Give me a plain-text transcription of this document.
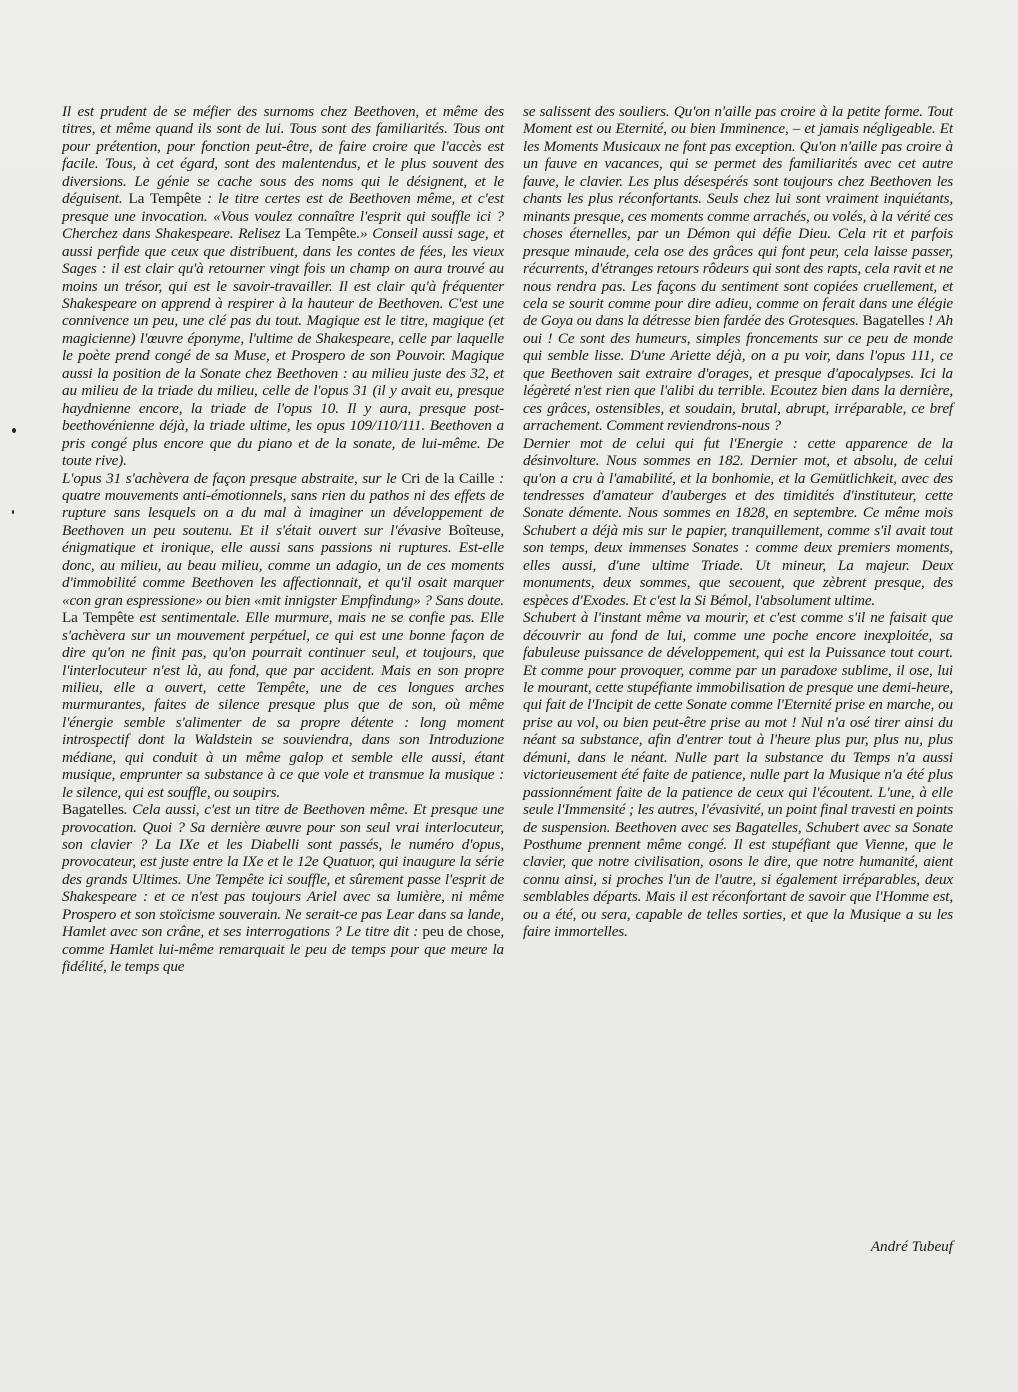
Il est prudent de se méfier des surnoms chez Beethoven, et même des titres, et même quand ils sont de lui. Tous sont des familiarités. Tous ont pour prétention, pour fonction peut-être, de faire croire que l'accès est facile. Tous, à cet égard, sont des malentendus, et le plus souvent des diversions. Le génie se cache sous des noms qui le désignent, et le déguisent. La Tempête : le titre certes est de Beethoven même, et c'est presque une invocation. «Vous voulez connaître l'esprit qui souffle ici ? Cherchez dans Shakespeare. Relisez La Tempête.» Conseil aussi sage, et aussi perfide que ceux que distribuent, dans les contes de fées, les vieux Sages : il est clair qu'à retourner vingt fois un champ on aura trouvé au moins un trésor, qui est le savoir-travailler. Il est clair qu'à fréquenter Shakespeare on apprend à respirer à la hauteur de Beethoven. C'est une connivence un peu, une clé pas du tout. Magique est le titre, magique (et magicienne) l'œuvre éponyme, l'ultime de Shakespeare, celle par laquelle le poète prend congé de sa Muse, et Prospero de son Pouvoir. Magique aussi la position de la Sonate chez Beethoven : au milieu juste des 32, et au milieu de la triade du milieu, celle de l'opus 31 (il y avait eu, presque haydnienne encore, la triade de l'opus 10. Il y aura, presque post-beethovénienne déjà, la triade ultime, les opus 109/110/111. Beethoven a pris congé plus encore que du piano et de la sonate, de lui-même. De toute rive).

L'opus 31 s'achèvera de façon presque abstraite, sur le Cri de la Caille : quatre mouvements anti-émotionnels, sans rien du pathos ni des effets de rupture sans lesquels on a du mal à imaginer un développement de Beethoven un peu soutenu. Et il s'était ouvert sur l'évasive Boîteuse, énigmatique et ironique, elle aussi sans passions ni ruptures. Est-elle donc, au milieu, au beau milieu, comme un adagio, un de ces moments d'immobilité comme Beethoven les affectionnait, et qu'il osait marquer «con gran espressione» ou bien «mit innigster Empfindung» ? Sans doute. La Tempête est sentimentale. Elle murmure, mais ne se confie pas. Elle s'achèvera sur un mouvement perpétuel, ce qui est une bonne façon de dire qu'on ne finit pas, qu'on pourrait continuer seul, et toujours, que l'interlocuteur n'est là, au fond, que par accident. Mais en son propre milieu, elle a ouvert, cette Tempête, une de ces longues arches murmurantes, faites de silence presque plus que de son, où même l'énergie semble s'alimenter de sa propre détente : long moment introspectif dont la Waldstein se souviendra, dans son Introduzione médiane, qui conduit à un même galop et semble elle aussi, étant musique, emprunter sa substance à ce que vole et transmue la musique : le silence, qui est souffle, ou soupirs.

Bagatelles. Cela aussi, c'est un titre de Beethoven même. Et presque une provocation. Quoi ? Sa dernière œuvre pour son seul vrai interlocuteur, son clavier ? La IXe et les Diabelli sont passés, le numéro d'opus, provocateur, est juste entre la IXe et le 12e Quatuor, qui inaugure la série des grands Ultimes. Une Tempête ici souffle, et sûrement passe l'esprit de Shakespeare : et ce n'est pas toujours Ariel avec sa lumière, ni même Prospero et son stoïcisme souverain. Ne serait-ce pas Lear dans sa lande, Hamlet avec son crâne, et ses interrogations ? Le titre dit : peu de chose, comme Hamlet lui-même remarquait le peu de temps pour que meure la fidélité, le temps que

se salissent des souliers. Qu'on n'aille pas croire à la petite forme. Tout Moment est ou Eternité, ou bien Imminence, – et jamais négligeable. Et les Moments Musicaux ne font pas exception. Qu'on n'aille pas croire à un fauve en vacances, qui se permet des familiarités avec cet autre fauve, le clavier. Les plus désespérés sont toujours chez Beethoven les chants les plus réconfortants. Seuls chez lui sont vraiment inquiétants, minants presque, ces moments comme arrachés, ou volés, à la vérité ces choses éternelles, par un Démon qui défie Dieu. Cela rit et parfois presque minaude, cela ose des grâces qui font peur, cela laisse passer, récurrents, d'étranges retours rôdeurs qui sont des rapts, cela ravit et ne nous rendra pas. Les façons du sentiment sont copiées cruellement, et cela se sourit comme pour dire adieu, comme on ferait dans une élégie de Goya ou dans la détresse bien fardée des Grotesques. Bagatelles ! Ah oui ! Ce sont des humeurs, simples froncements sur ce peu de monde qui semble lisse. D'une Ariette déjà, on a pu voir, dans l'opus 111, ce que Beethoven sait extraire d'orages, et presque d'apocalypses. Ici la légèreté n'est rien que l'alibi du terrible. Ecoutez bien dans la dernière, ces grâces, ostensibles, et soudain, brutal, abrupt, irréparable, ce bref arrachement. Comment reviendrons-nous ?

Dernier mot de celui qui fut l'Energie : cette apparence de la désinvolture. Nous sommes en 182. Dernier mot, et absolu, de celui qu'on a cru à l'amabilité, et la bonhomie, et la Gemütlichkeit, avec des tendresses d'amateur d'auberges et des timidités d'instituteur, cette Sonate démente. Nous sommes en 1828, en septembre. Ce même mois Schubert a déjà mis sur le papier, tranquillement, comme s'il avait tout son temps, deux immenses Sonates : comme deux premiers moments, elles aussi, d'une ultime Triade. Ut mineur, La majeur. Deux monuments, deux sommes, que secouent, que zèbrent presque, des espèces d'Exodes. Et c'est la Si Bémol, l'absolument ultime.

Schubert à l'instant même va mourir, et c'est comme s'il ne faisait que découvrir au fond de lui, comme une poche encore inexploitée, sa fabuleuse puissance de développement, qui est la Puissance tout court. Et comme pour provoquer, comme par un paradoxe sublime, il ose, lui le mourant, cette stupéfiante immobilisation de presque une demi-heure, qui fait de l'Incipit de cette Sonate comme l'Eternité prise en marche, ou prise au vol, ou bien peut-être prise au mot ! Nul n'a osé tirer ainsi du néant sa substance, afin d'entrer tout à l'heure plus pur, plus nu, plus démuni, dans le néant. Nulle part la substance du Temps n'a aussi victorieusement été faite de patience, nulle part la Musique n'a été plus passionnément faite de la patience de ceux qui l'écoutent. L'une, à elle seule l'Immensité ; les autres, l'évasivité, un point final travesti en points de suspension. Beethoven avec ses Bagatelles, Schubert avec sa Sonate Posthume prennent même congé. Il est stupéfiant que Vienne, que le clavier, que notre civilisation, osons le dire, que notre humanité, aient connu ainsi, si proches l'un de l'autre, si également irréparables, deux semblables départs. Mais il est réconfortant de savoir que l'Homme est, ou a été, ou sera, capable de telles sorties, et que la Musique a su les faire immortelles.

André Tubeuf
